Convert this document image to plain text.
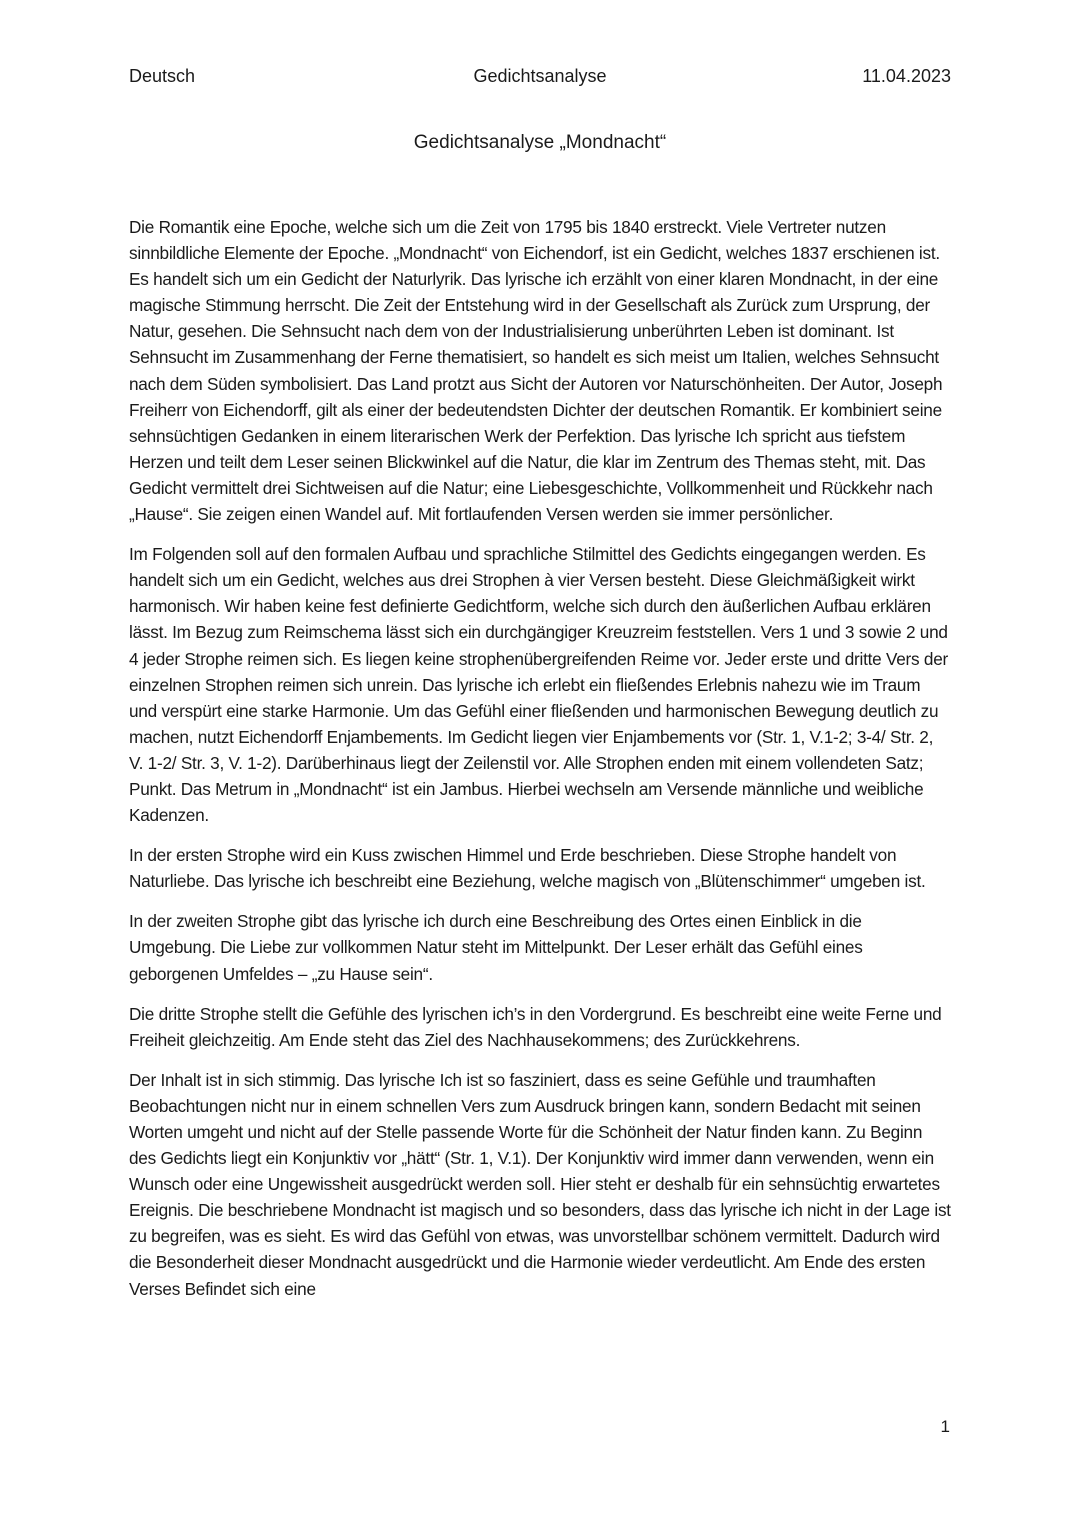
Deutsch	Gedichtsanalyse	11.04.2023
Gedichtsanalyse „Mondnacht“

Die Romantik eine Epoche, welche sich um die Zeit von 1795 bis 1840 erstreckt. Viele Vertreter nutzen sinnbildliche Elemente der Epoche. „Mondnacht“ von Eichendorf, ist ein Gedicht, welches 1837 erschienen ist. Es handelt sich um ein Gedicht der Naturlyrik. Das lyrische ich erzählt von einer klaren Mondnacht, in der eine magische Stimmung herrscht. Die Zeit der Entstehung wird in der Gesellschaft als Zurück zum Ursprung, der Natur, gesehen. Die Sehnsucht nach dem von der Industrialisierung unberührten Leben ist dominant. Ist Sehnsucht im Zusammenhang der Ferne thematisiert, so handelt es sich meist um Italien, welches Sehnsucht nach dem Süden symbolisiert. Das Land protzt aus Sicht der Autoren vor Naturschönheiten. Der Autor, Joseph Freiherr von Eichendorff, gilt als einer der bedeutendsten Dichter der deutschen Romantik. Er kombiniert seine sehnsüchtigen Gedanken in einem literarischen Werk der Perfektion. Das lyrische Ich spricht aus tiefstem Herzen und teilt dem Leser seinen Blickwinkel auf die Natur, die klar im Zentrum des Themas steht, mit. Das Gedicht vermittelt drei Sichtweisen auf die Natur; eine Liebesgeschichte, Vollkommenheit und Rückkehr nach „Hause“. Sie zeigen einen Wandel auf. Mit fortlaufenden Versen werden sie immer persönlicher.

Im Folgenden soll auf den formalen Aufbau und sprachliche Stilmittel des Gedichts eingegangen werden. Es handelt sich um ein Gedicht, welches aus drei Strophen à vier Versen besteht. Diese Gleichmäßigkeit wirkt harmonisch. Wir haben keine fest definierte Gedichtform, welche sich durch den äußerlichen Aufbau erklären lässt. Im Bezug zum Reimschema lässt sich ein durchgängiger Kreuzreim feststellen. Vers 1 und 3 sowie 2 und 4 jeder Strophe reimen sich. Es liegen keine strophenübergreifenden Reime vor. Jeder erste und dritte Vers der einzelnen Strophen reimen sich unrein. Das lyrische ich erlebt ein fließendes Erlebnis nahezu wie im Traum und verspürt eine starke Harmonie. Um das Gefühl einer fließenden und harmonischen Bewegung deutlich zu machen, nutzt Eichendorff Enjambements. Im Gedicht liegen vier Enjambements vor (Str. 1, V.1-2; 3-4/ Str. 2, V. 1-2/ Str. 3, V. 1-2). Darüberhinaus liegt der Zeilenstil vor. Alle Strophen enden mit einem vollendeten Satz; Punkt. Das Metrum in „Mondnacht“ ist ein Jambus. Hierbei wechseln am Versende männliche und weibliche Kadenzen.

In der ersten Strophe wird ein Kuss zwischen Himmel und Erde beschrieben. Diese Strophe handelt von Naturliebe. Das lyrische ich beschreibt eine Beziehung, welche magisch von „Blütenschimmer“ umgeben ist.

In der zweiten Strophe gibt das lyrische ich durch eine Beschreibung des Ortes einen Einblick in die Umgebung. Die Liebe zur vollkommen Natur steht im Mittelpunkt. Der Leser erhält das Gefühl eines geborgenen Umfeldes – „zu Hause sein“.

Die dritte Strophe stellt die Gefühle des lyrischen ich’s in den Vordergrund. Es beschreibt eine weite Ferne und Freiheit gleichzeitig. Am Ende steht das Ziel des Nachhausekommens; des Zurückkehrens.

Der Inhalt ist in sich stimmig. Das lyrische Ich ist so fasziniert, dass es seine Gefühle und traumhaften Beobachtungen nicht nur in einem schnellen Vers zum Ausdruck bringen kann, sondern Bedacht mit seinen Worten umgeht und nicht auf der Stelle passende Worte für die Schönheit der Natur finden kann. Zu Beginn des Gedichts liegt ein Konjunktiv vor „hätt“ (Str. 1, V.1). Der Konjunktiv wird immer dann verwenden, wenn ein Wunsch oder eine Ungewissheit ausgedrückt werden soll. Hier steht er deshalb für ein sehnsüchtig erwartetes Ereignis. Die beschriebene Mondnacht ist magisch und so besonders, dass das lyrische ich nicht in der Lage ist zu begreifen, was es sieht. Es wird das Gefühl von etwas, was unvorstellbar schönem vermittelt. Dadurch wird die Besonderheit dieser Mondnacht ausgedrückt und die Harmonie wieder verdeutlicht. Am Ende des ersten Verses Befindet sich eine

1
